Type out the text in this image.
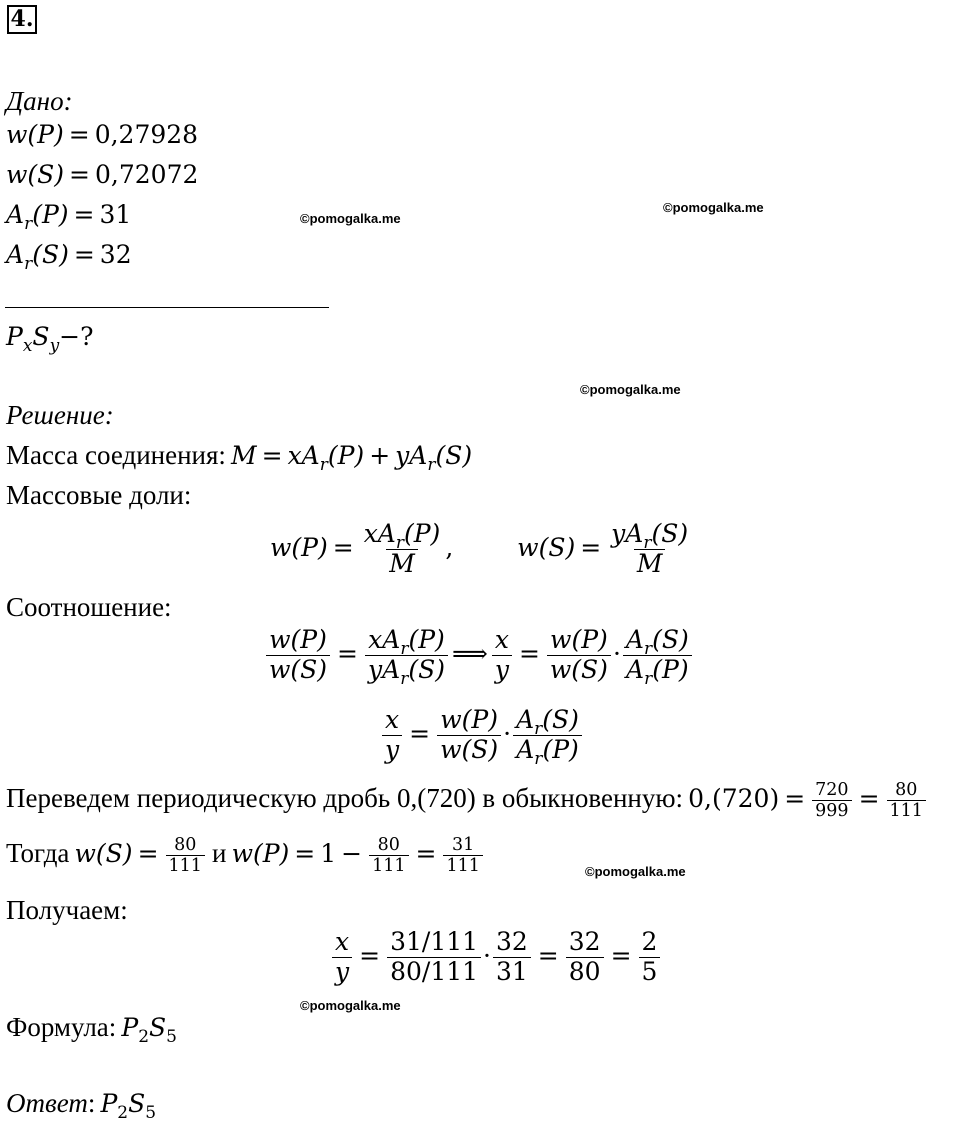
4.
Дано:
w(P) = 0,27928
w(S) = 0,72072
$A_r(P) = 31$
$A_r(S) = 32$
©pomogalka.me
©pomogalka.me
$P_xS_y-$?
©pomogalka.me
Решение:
Масса соединения: $M = xA_r(P) + yA_r(S)$
Массовые доли:
$w(P) = \frac{xA_r(P)}{M}$ ,  $w(S) = \frac{yA_r(S)}{M}$
Соотношение:
$\frac{w(P)}{w(S)} = \frac{xA_r(P)}{yA_r(S)}$ ⟹ $\frac{x}{y} = \frac{w(P)}{w(S)} \cdot \frac{A_r(S)}{A_r(P)}$
$\frac{x}{y} = \frac{w(P)}{w(S)} \cdot \frac{A_r(S)}{A_r(P)}$
Переведем периодическую дробь 0,(720) в обыкновенную: $0,(720) = \frac{720}{999} = \frac{80}{111}$
Тогда $w(S) = \frac{80}{111}$ и $w(P) = 1 - \frac{80}{111} = \frac{31}{111}$	©pomogalka.me
Получаем:
$\frac{x}{y} = \frac{31/111}{80/111} \cdot \frac{32}{31} = \frac{32}{80} = \frac{2}{5}$
©pomogalka.me
Формула: $P_2S_5$
Ответ: $P_2S_5$
